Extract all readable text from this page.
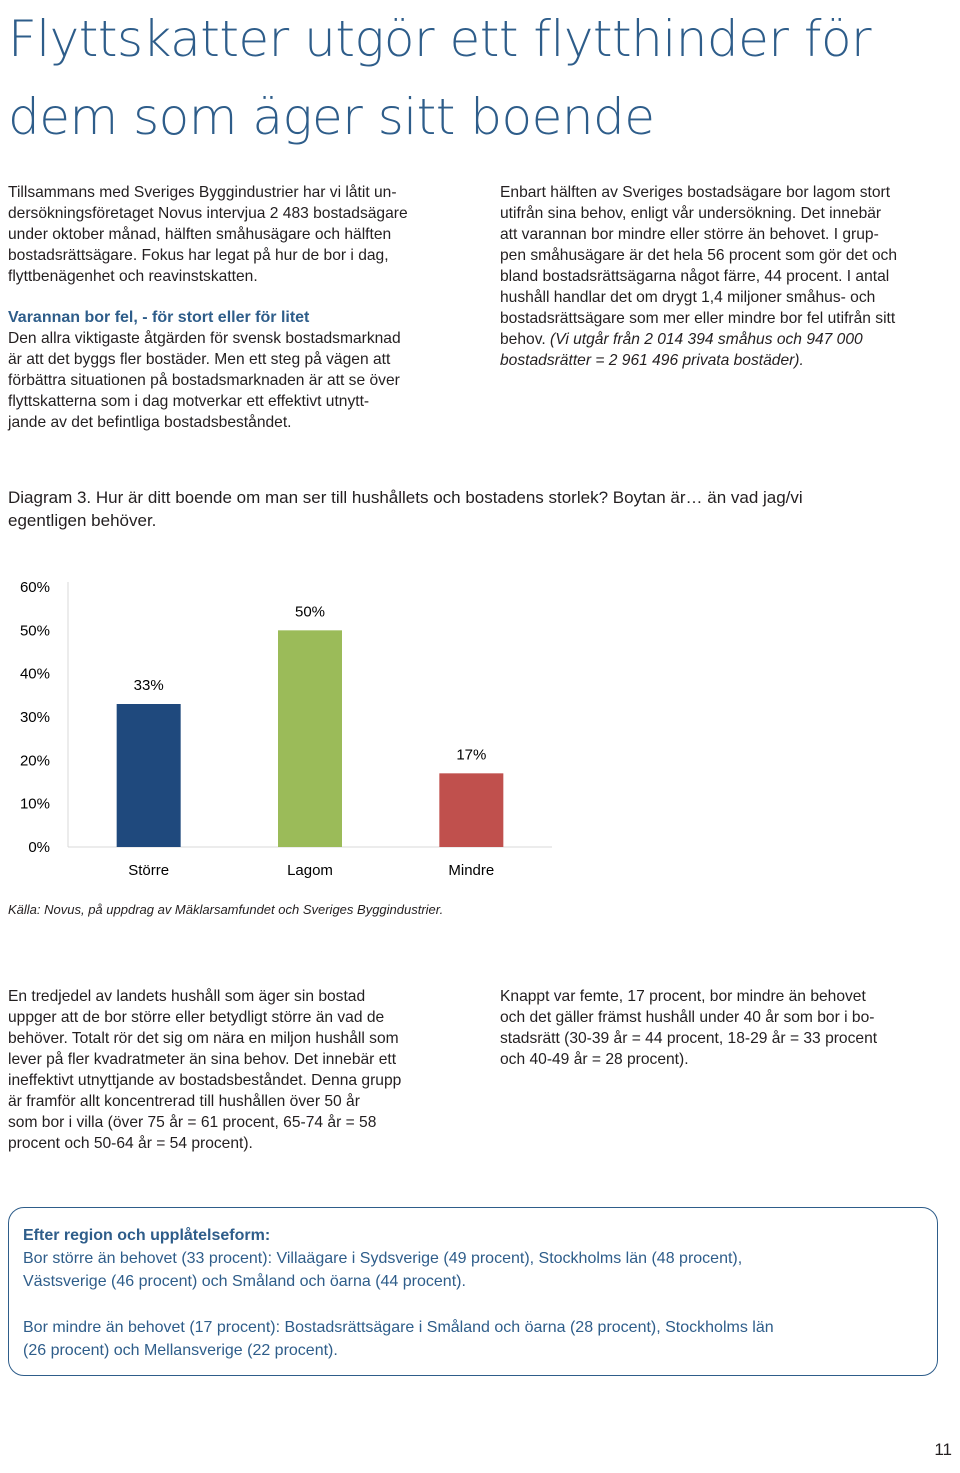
Flyttskatter utgör ett flytthinder för
dem som äger sitt boende
Tillsammans med Sveriges Byggindustrier har vi låtit un-
dersökningsföretaget Novus intervjua 2 483 bostadsägare
under oktober månad, hälften småhusägare och hälften
bostadsrättsägare. Fokus har legat på hur de bor i dag,
flyttbenägenhet och reavinstskatten.
Varannan bor fel, - för stort eller för litet
Den allra viktigaste åtgärden för svensk bostadsmarknad
är att det byggs fler bostäder. Men ett steg på vägen att
förbättra situationen på bostadsmarknaden är att se över
flyttskatterna som i dag motverkar ett effektivt utnytt-
jande av det befintliga bostadsbeståndet.
Enbart hälften av Sveriges bostadsägare bor lagom stort
utifrån sina behov, enligt vår undersökning. Det innebär
att varannan bor mindre eller större än behovet. I grup-
pen småhusägare är det hela 56 procent som gör det och
bland bostadsrättsägarna något färre, 44 procent. I antal
hushåll handlar det om drygt 1,4 miljoner småhus- och
bostadsrättsägare som mer eller mindre bor fel utifrån sitt
behov. (Vi utgår från 2 014 394 småhus och 947 000
bostadsrätter = 2 961 496 privata bostäder).
Diagram 3. Hur är ditt boende om man ser till hushållets och bostadens storlek? Boytan är… än vad jag/vi
egentligen behöver.
0%
10%
20%
30%
40%
50%
60%
Större	Lagom	Mindre
33%
50%
17%
Källa: Novus, på uppdrag av Mäklarsamfundet och Sveriges Byggindustrier.
En tredjedel av landets hushåll som äger sin bostad
uppger att de bor större eller betydligt större än vad de
behöver. Totalt rör det sig om nära en miljon hushåll som
lever på fler kvadratmeter än sina behov. Det innebär ett
ineffektivt utnyttjande av bostadsbeståndet. Denna grupp
är framför allt koncentrerad till hushållen över 50 år
som bor i villa (över 75 år = 61 procent, 65-74 år = 58
procent och 50-64 år = 54 procent).
Knappt var femte, 17 procent, bor mindre än behovet
och det gäller främst hushåll under 40 år som bor i bo-
stadsrätt (30-39 år = 44 procent, 18-29 år = 33 procent
och 40-49 år = 28 procent).
Efter region och upplåtelseform:
Bor större än behovet (33 procent): Villaägare i Sydsverige (49 procent), Stockholms län (48 procent),
Västsverige (46 procent) och Småland och öarna (44 procent).
Bor mindre än behovet (17 procent): Bostadsrättsägare i Småland och öarna (28 procent), Stockholms län
(26 procent) och Mellansverige (22 procent).
11
